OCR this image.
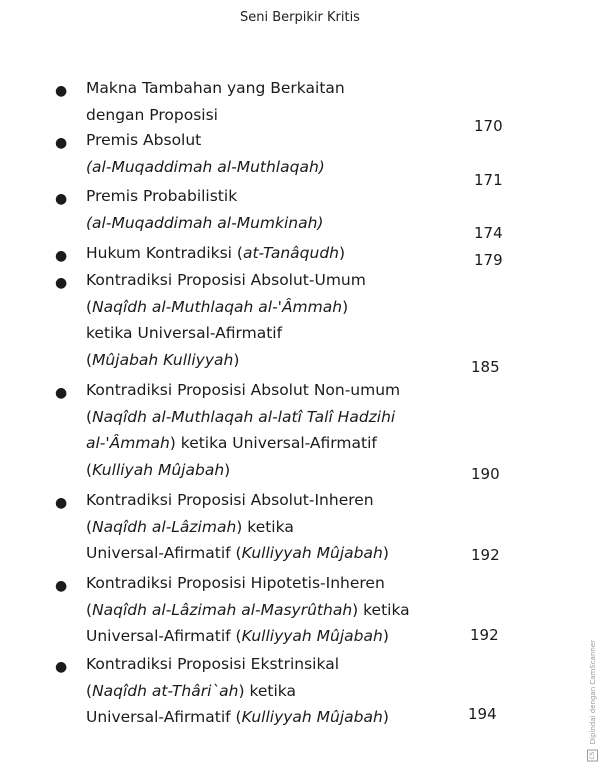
Seni Berpikir Kritis
● Makna Tambahan yang Berkaitan
dengan Proposisi
170
● Premis Absolut
(al-Muqaddimah al-Muthlaqah)
171
● Premis Probabilistik
(al-Muqaddimah al-Mumkinah)
174
● Hukum Kontradiksi (at-Tanâqudh)	179
● Kontradiksi Proposisi Absolut-Umum
(Naqîdh al-Muthlaqah al-'Âmmah)
ketika Universal-Afirmatif
(Mûjabah Kulliyyah)	185
● Kontradiksi Proposisi Absolut Non-umum
(Naqîdh al-Muthlaqah al-latî Talî Hadzihi
al-'Âmmah) ketika Universal-Afirmatif
(Kulliyah Mûjabah)	190
● Kontradiksi Proposisi Absolut-Inheren
(Naqîdh al-Lâzimah) ketika
Universal-Afirmatif (Kulliyyah Mûjabah)	192
● Kontradiksi Proposisi Hipotetis-Inheren
(Naqîdh al-Lâzimah al-Masyrûthah) ketika
Universal-Afirmatif (Kulliyyah Mûjabah)	192
● Kontradiksi Proposisi Ekstrinsikal
(Naqîdh at-Thâri`ah) ketika
Universal-Afirmatif (Kulliyyah Mûjabah)	194
CS Dipindai dengan CamScanner
